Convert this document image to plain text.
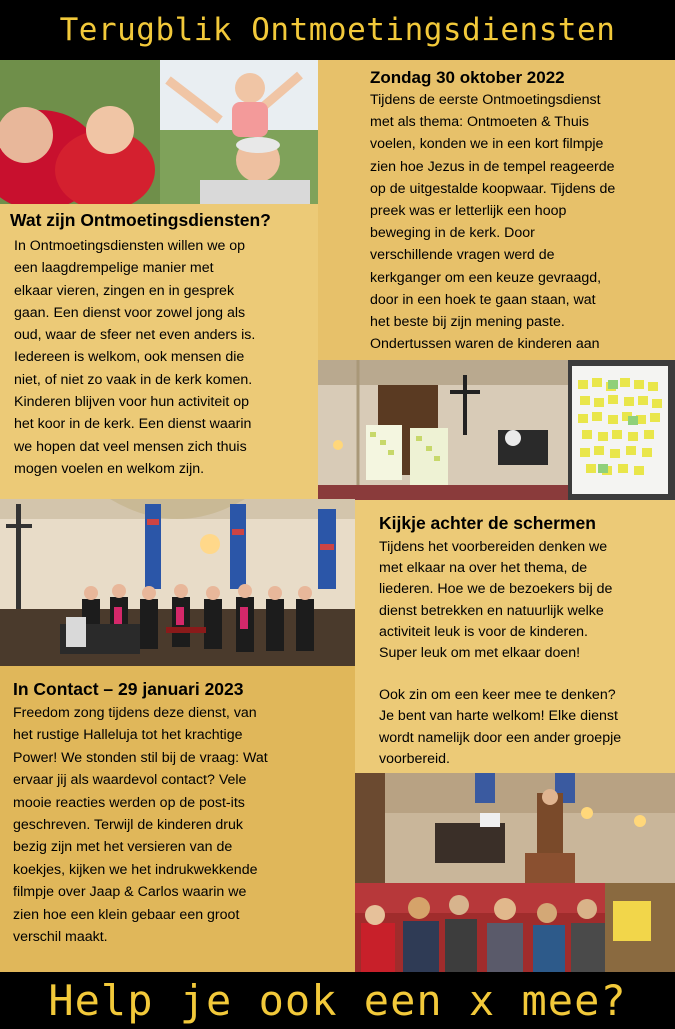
Terugblik Ontmoetingsdiensten
Wat zijn Ontmoetingsdiensten?
In Ontmoetingsdiensten willen we op
een laagdrempelige manier met
elkaar vieren, zingen en in gesprek
gaan. Een dienst voor zowel jong als
oud, waar de sfeer net even anders is.
Iedereen is welkom, ook mensen die
niet, of niet zo vaak in de kerk komen.
Kinderen blijven voor hun activiteit op
het koor in de kerk. Een dienst waarin
we hopen dat veel mensen zich thuis
mogen voelen en welkom zijn.
Zondag 30 oktober 2022
Tijdens de eerste Ontmoetingsdienst
met als thema: Ontmoeten & Thuis
voelen, konden we in een kort filmpje
zien hoe Jezus in de tempel reageerde
op de uitgestalde koopwaar. Tijdens de
preek was er letterlijk een hoop
beweging in de kerk. Door
verschillende vragen werd de
kerkganger om een keuze gevraagd,
door in een hoek te gaan staan, wat
het beste bij zijn mening paste.
Ondertussen waren de kinderen aan
Kijkje achter de schermen
Tijdens het voorbereiden denken we
met elkaar na over het thema, de
liederen. Hoe we de bezoekers bij de
dienst betrekken en natuurlijk welke
activiteit leuk is voor de kinderen.
Super leuk om met elkaar doen!
Ook zin om een keer mee te denken?
Je bent van harte welkom! Elke dienst
wordt namelijk door een ander groepje
voorbereid.
In Contact – 29 januari 2023
Freedom zong tijdens deze dienst, van
het rustige Halleluja tot het krachtige
Power! We stonden stil bij de vraag: Wat
ervaar jij als waardevol contact? Vele
mooie reacties werden op de post-its
geschreven. Terwijl de kinderen druk
bezig zijn met het versieren van de
koekjes, kijken we het indrukwekkende
filmpje over Jaap & Carlos waarin we
zien hoe een klein gebaar een groot
verschil maakt.
Help je ook een x mee?
